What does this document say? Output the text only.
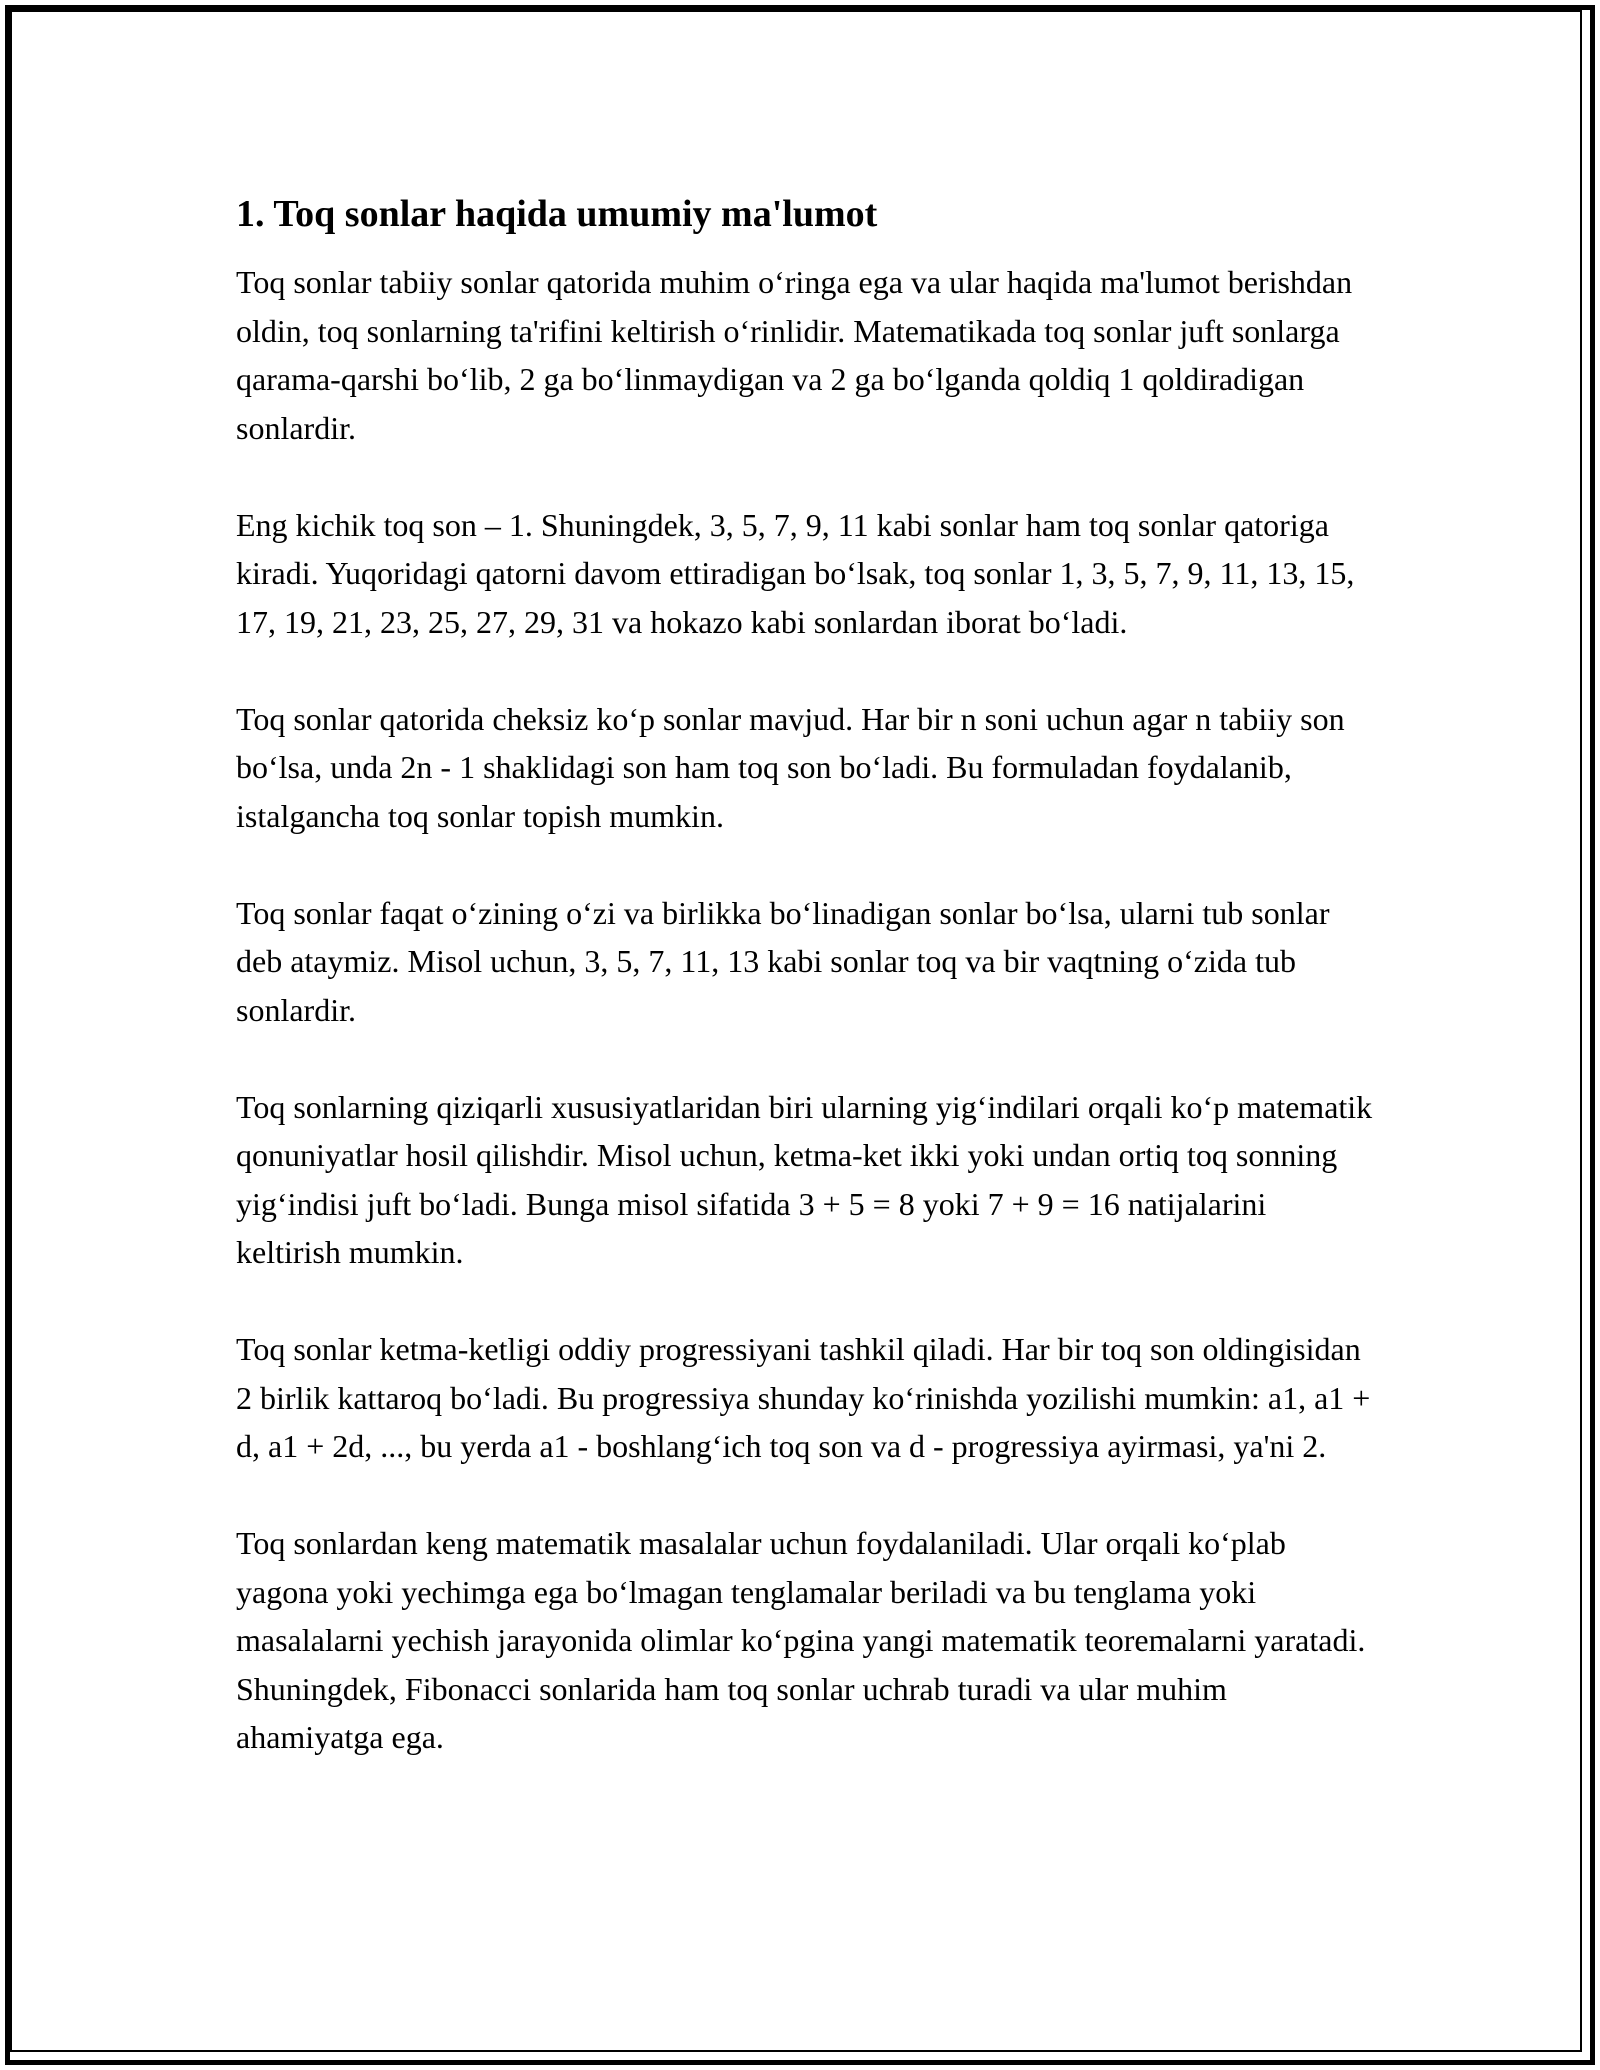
1. Toq sonlar haqida umumiy ma'lumot

Toq sonlar tabiiy sonlar qatorida muhim o‘ringa ega va ular haqida ma'lumot berishdan oldin, toq sonlarning ta'rifini keltirish o‘rinlidir. Matematikada toq sonlar juft sonlarga qarama-qarshi bo‘lib, 2 ga bo‘linmaydigan va 2 ga bo‘lganda qoldiq 1 qoldiradigan sonlardir.

Eng kichik toq son – 1. Shuningdek, 3, 5, 7, 9, 11 kabi sonlar ham toq sonlar qatoriga kiradi. Yuqoridagi qatorni davom ettiradigan bo‘lsak, toq sonlar 1, 3, 5, 7, 9, 11, 13, 15, 17, 19, 21, 23, 25, 27, 29, 31 va hokazo kabi sonlardan iborat bo‘ladi.

Toq sonlar qatorida cheksiz ko‘p sonlar mavjud. Har bir n soni uchun agar n tabiiy son bo‘lsa, unda 2n - 1 shaklidagi son ham toq son bo‘ladi. Bu formuladan foydalanib, istalgancha toq sonlar topish mumkin.

Toq sonlar faqat o‘zining o‘zi va birlikka bo‘linadigan sonlar bo‘lsa, ularni tub sonlar deb ataymiz. Misol uchun, 3, 5, 7, 11, 13 kabi sonlar toq va bir vaqtning o‘zida tub sonlardir.

Toq sonlarning qiziqarli xususiyatlaridan biri ularning yig‘indilari orqali ko‘p matematik qonuniyatlar hosil qilishdir. Misol uchun, ketma-ket ikki yoki undan ortiq toq sonning yig‘indisi juft bo‘ladi. Bunga misol sifatida 3 + 5 = 8 yoki 7 + 9 = 16 natijalarini keltirish mumkin.

Toq sonlar ketma-ketligi oddiy progressiyani tashkil qiladi. Har bir toq son oldingisidan 2 birlik kattaroq bo‘ladi. Bu progressiya shunday ko‘rinishda yozilishi mumkin: a1, a1 + d, a1 + 2d, ..., bu yerda a1 - boshlang‘ich toq son va d - progressiya ayirmasi, ya'ni 2.

Toq sonlardan keng matematik masalalar uchun foydalaniladi. Ular orqali ko‘plab yagona yoki yechimga ega bo‘lmagan tenglamalar beriladi va bu tenglama yoki masalalarni yechish jarayonida olimlar ko‘pgina yangi matematik teoremalarni yaratadi. Shuningdek, Fibonacci sonlarida ham toq sonlar uchrab turadi va ular muhim ahamiyatga ega.
